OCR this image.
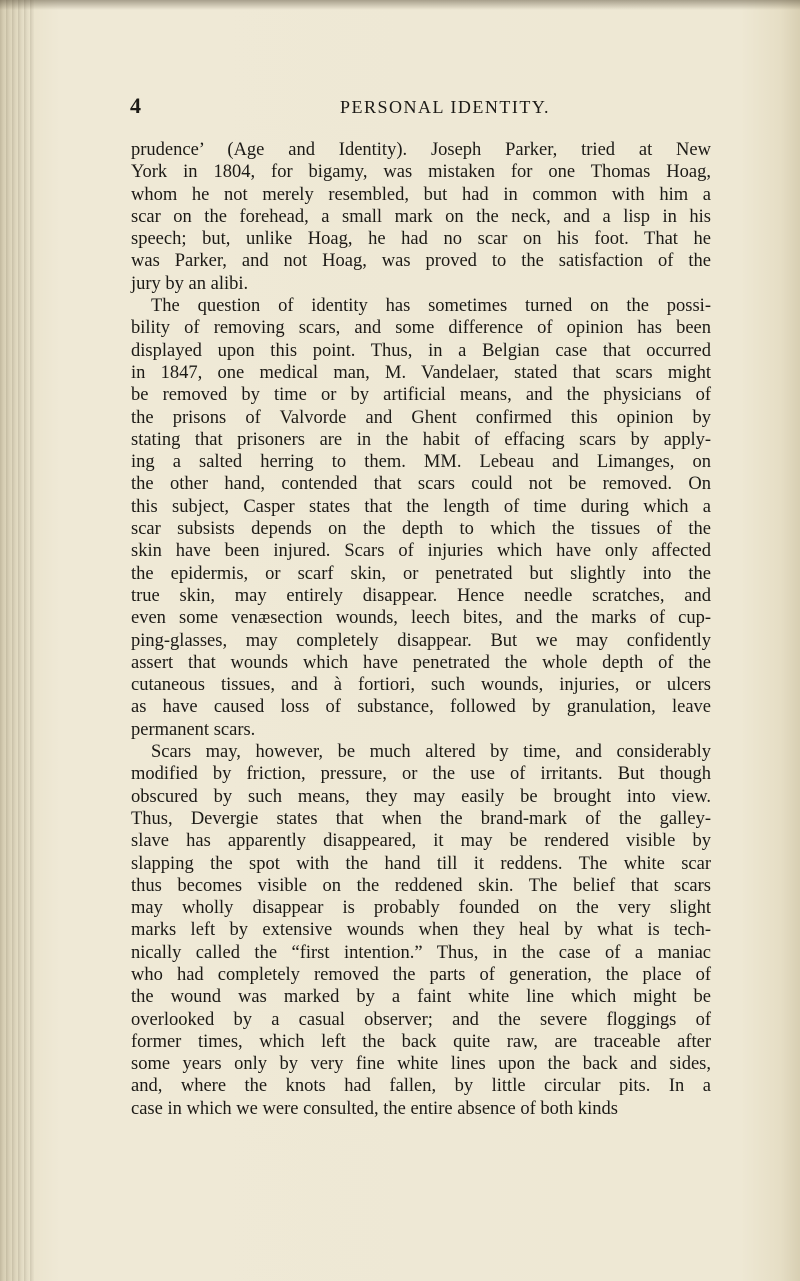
4	PERSONAL IDENTITY.
prudence’ (Age and Identity). Joseph Parker, tried at New
York in 1804, for bigamy, was mistaken for one Thomas Hoag,
whom he not merely resembled, but had in common with him a
scar on the forehead, a small mark on the neck, and a lisp in his
speech; but, unlike Hoag, he had no scar on his foot. That he
was Parker, and not Hoag, was proved to the satisfaction of the
jury by an alibi.
The question of identity has sometimes turned on the possi-
bility of removing scars, and some difference of opinion has been
displayed upon this point. Thus, in a Belgian case that occurred
in 1847, one medical man, M. Vandelaer, stated that scars might
be removed by time or by artificial means, and the physicians of
the prisons of Valvorde and Ghent confirmed this opinion by
stating that prisoners are in the habit of effacing scars by apply-
ing a salted herring to them. MM. Lebeau and Limanges, on
the other hand, contended that scars could not be removed. On
this subject, Casper states that the length of time during which a
scar subsists depends on the depth to which the tissues of the
skin have been injured. Scars of injuries which have only affected
the epidermis, or scarf skin, or penetrated but slightly into the
true skin, may entirely disappear. Hence needle scratches, and
even some venæsection wounds, leech bites, and the marks of cup-
ping-glasses, may completely disappear. But we may confidently
assert that wounds which have penetrated the whole depth of the
cutaneous tissues, and à fortiori, such wounds, injuries, or ulcers
as have caused loss of substance, followed by granulation, leave
permanent scars.
Scars may, however, be much altered by time, and considerably
modified by friction, pressure, or the use of irritants. But though
obscured by such means, they may easily be brought into view.
Thus, Devergie states that when the brand-mark of the galley-
slave has apparently disappeared, it may be rendered visible by
slapping the spot with the hand till it reddens. The white scar
thus becomes visible on the reddened skin. The belief that scars
may wholly disappear is probably founded on the very slight
marks left by extensive wounds when they heal by what is tech-
nically called the “first intention.” Thus, in the case of a maniac
who had completely removed the parts of generation, the place of
the wound was marked by a faint white line which might be
overlooked by a casual observer; and the severe floggings of
former times, which left the back quite raw, are traceable after
some years only by very fine white lines upon the back and sides,
and, where the knots had fallen, by little circular pits. In a
case in which we were consulted, the entire absence of both kinds
